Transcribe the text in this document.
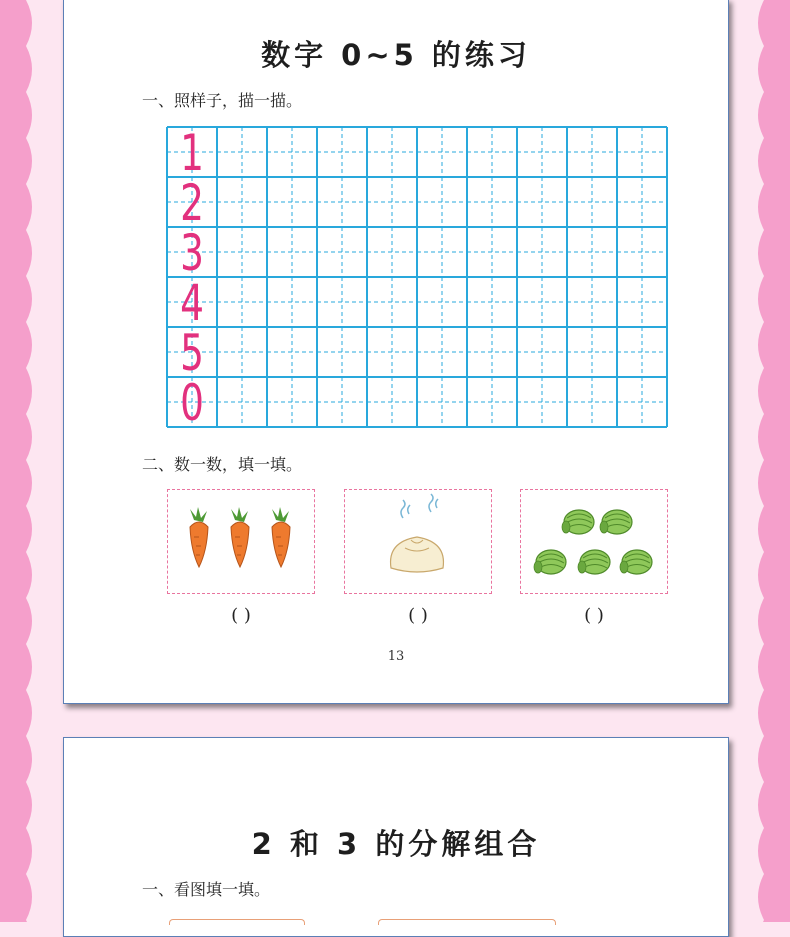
数字 0~5 的练习
一、照样子，描一描。
1
2
3
4
5
0
二、数一数，填一填。
( )	( )	( )
13
2 和 3 的分解组合
一、看图填一填。
